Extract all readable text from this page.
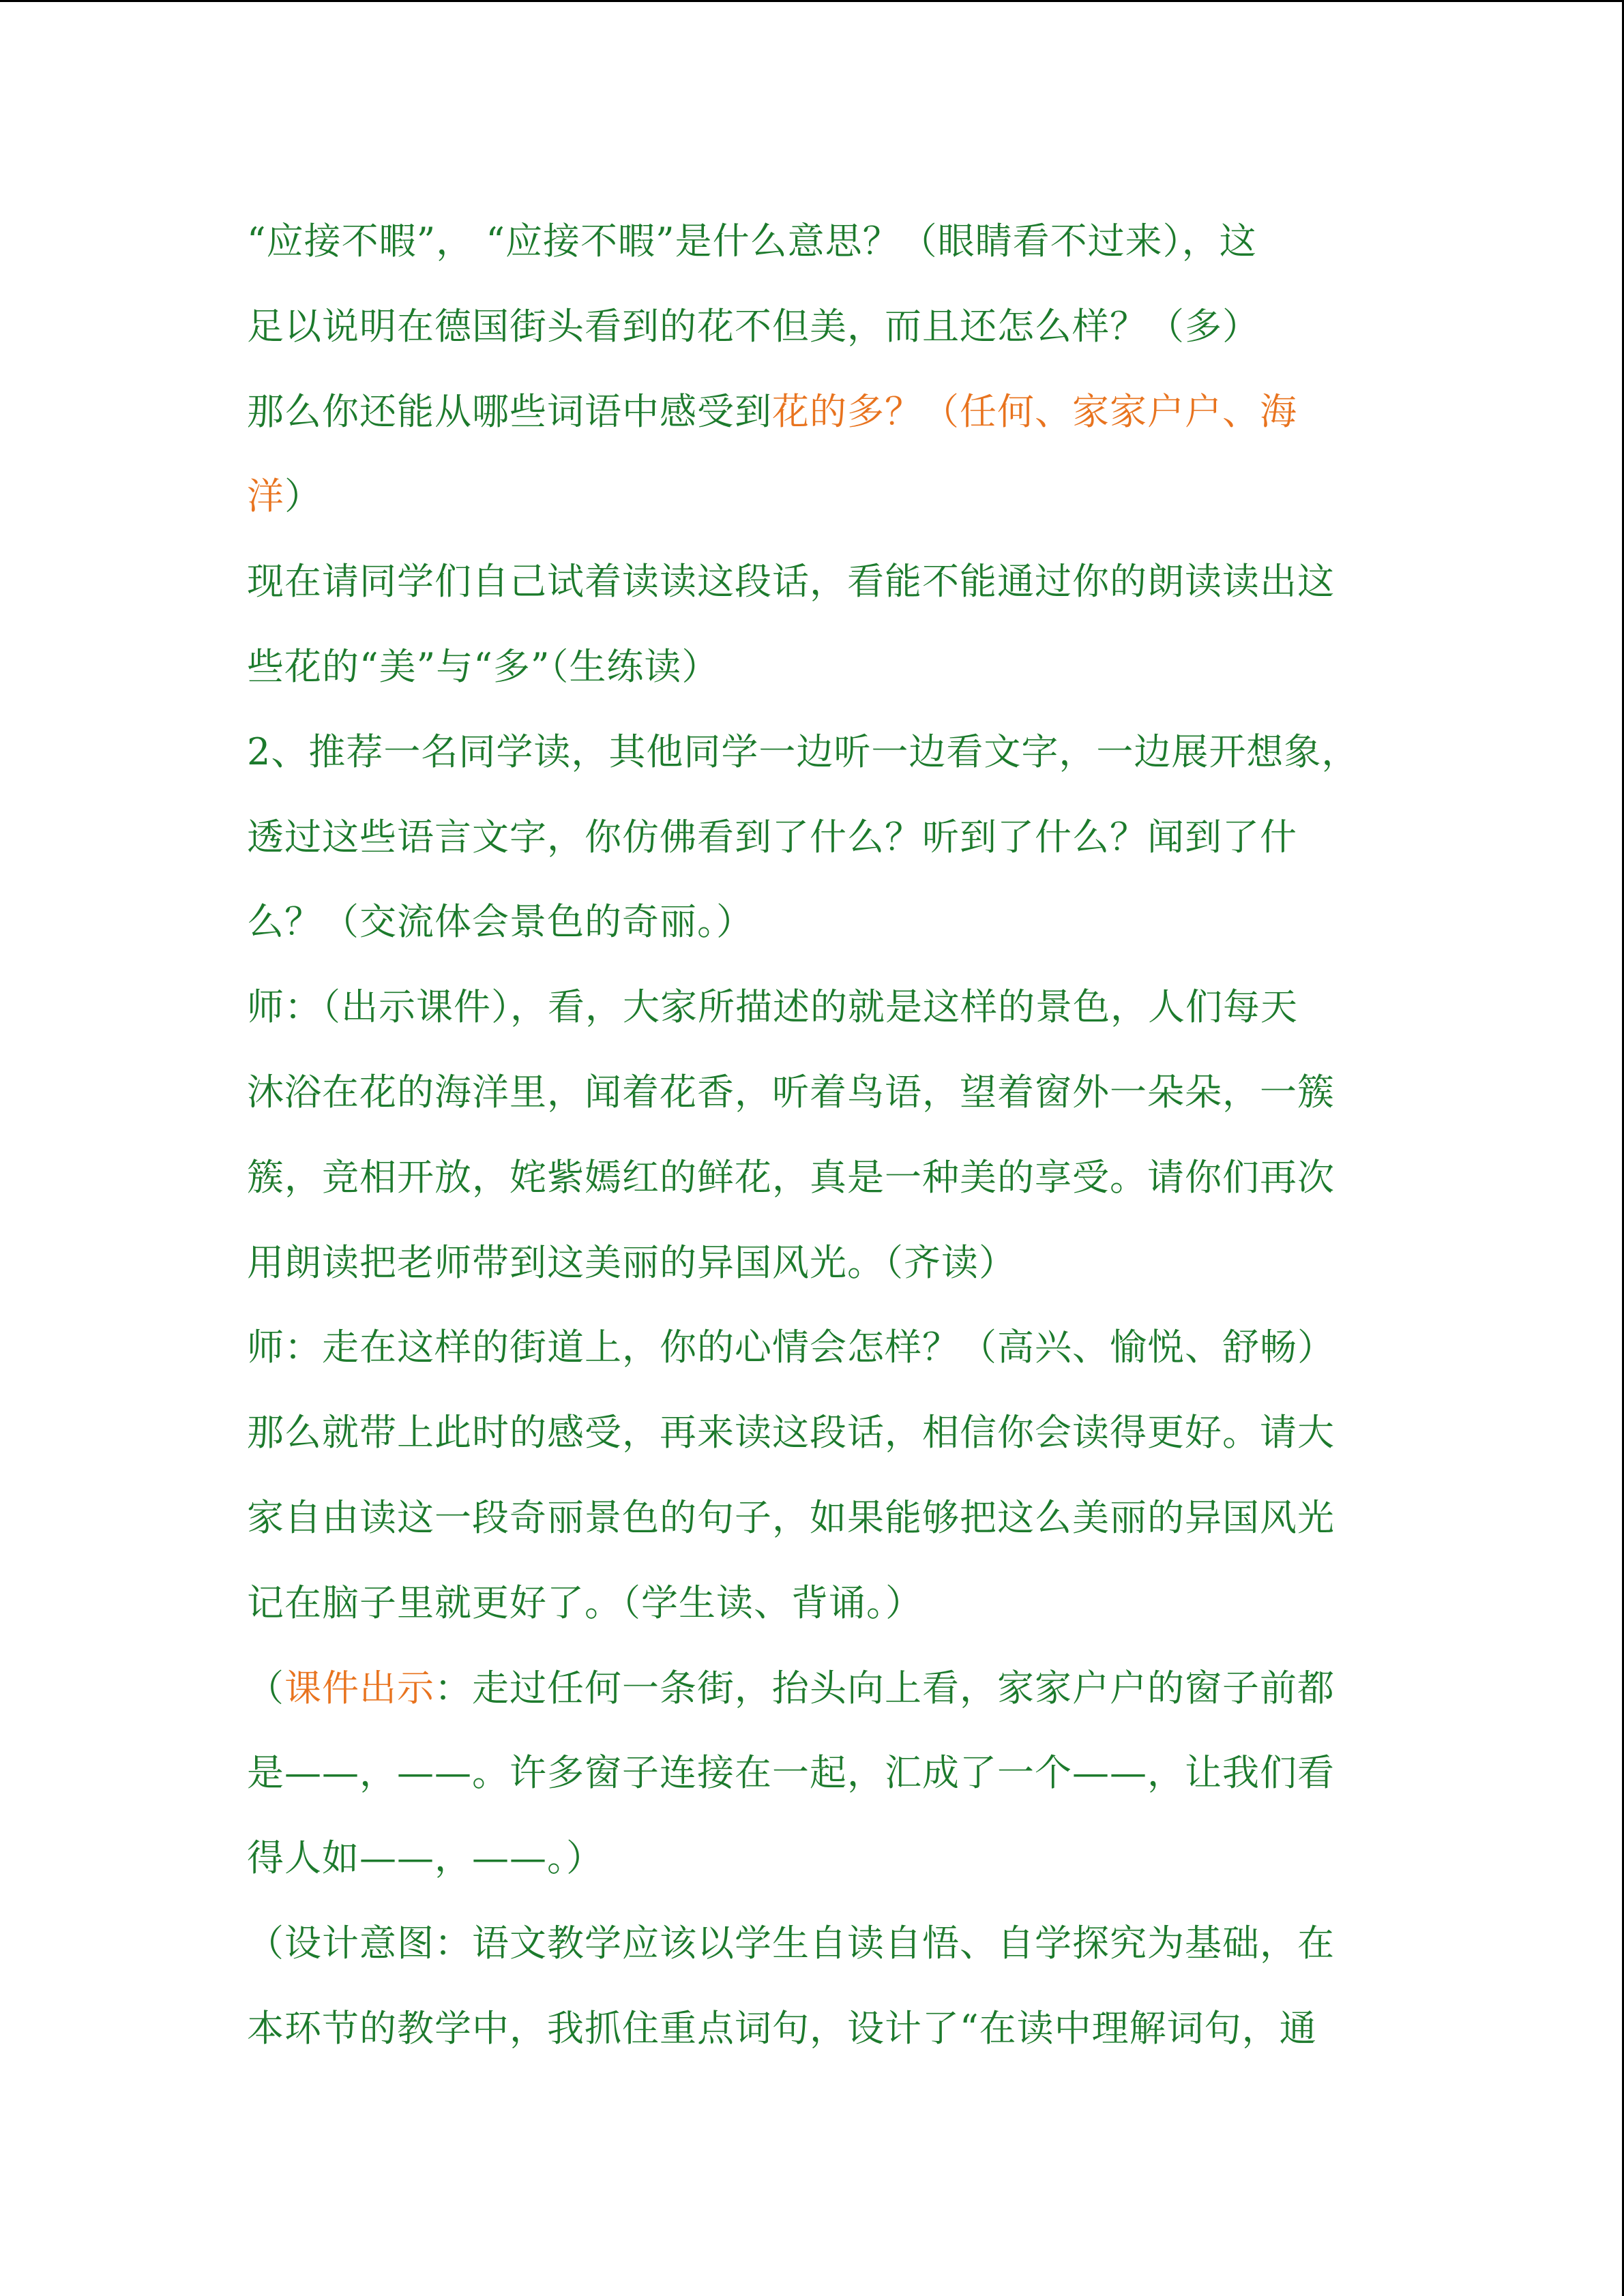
“应接不暇”， “应接不暇”是什么意思？（眼睛看不过来），这
足以说明在德国街头看到的花不但美，而且还怎么样？（多）
那么你还能从哪些词语中感受到花的多？（任何、家家户户、海
洋）
现在请同学们自己试着读读这段话，看能不能通过你的朗读读出这
些花的“美”与“多”（生练读）
2、推荐一名同学读，其他同学一边听一边看文字，一边展开想象，
透过这些语言文字，你仿佛看到了什么？听到了什么？闻到了什
么？（交流体会景色的奇丽。）
师：（出示课件），看，大家所描述的就是这样的景色，人们每天
沐浴在花的海洋里，闻着花香，听着鸟语，望着窗外一朵朵，一簇
簇，竞相开放，姹紫嫣红的鲜花，真是一种美的享受。请你们再次
用朗读把老师带到这美丽的异国风光。（齐读）
师：走在这样的街道上，你的心情会怎样？（高兴、愉悦、舒畅）
那么就带上此时的感受，再来读这段话，相信你会读得更好。请大
家自由读这一段奇丽景色的句子，如果能够把这么美丽的异国风光
记在脑子里就更好了。（学生读、背诵。）
（课件出示：走过任何一条街，抬头向上看，家家户户的窗子前都
是——，——。许多窗子连接在一起，汇成了一个——，让我们看
得人如——，——。）
（设计意图：语文教学应该以学生自读自悟、自学探究为基础，在
本环节的教学中，我抓住重点词句，设计了“在读中理解词句，通
